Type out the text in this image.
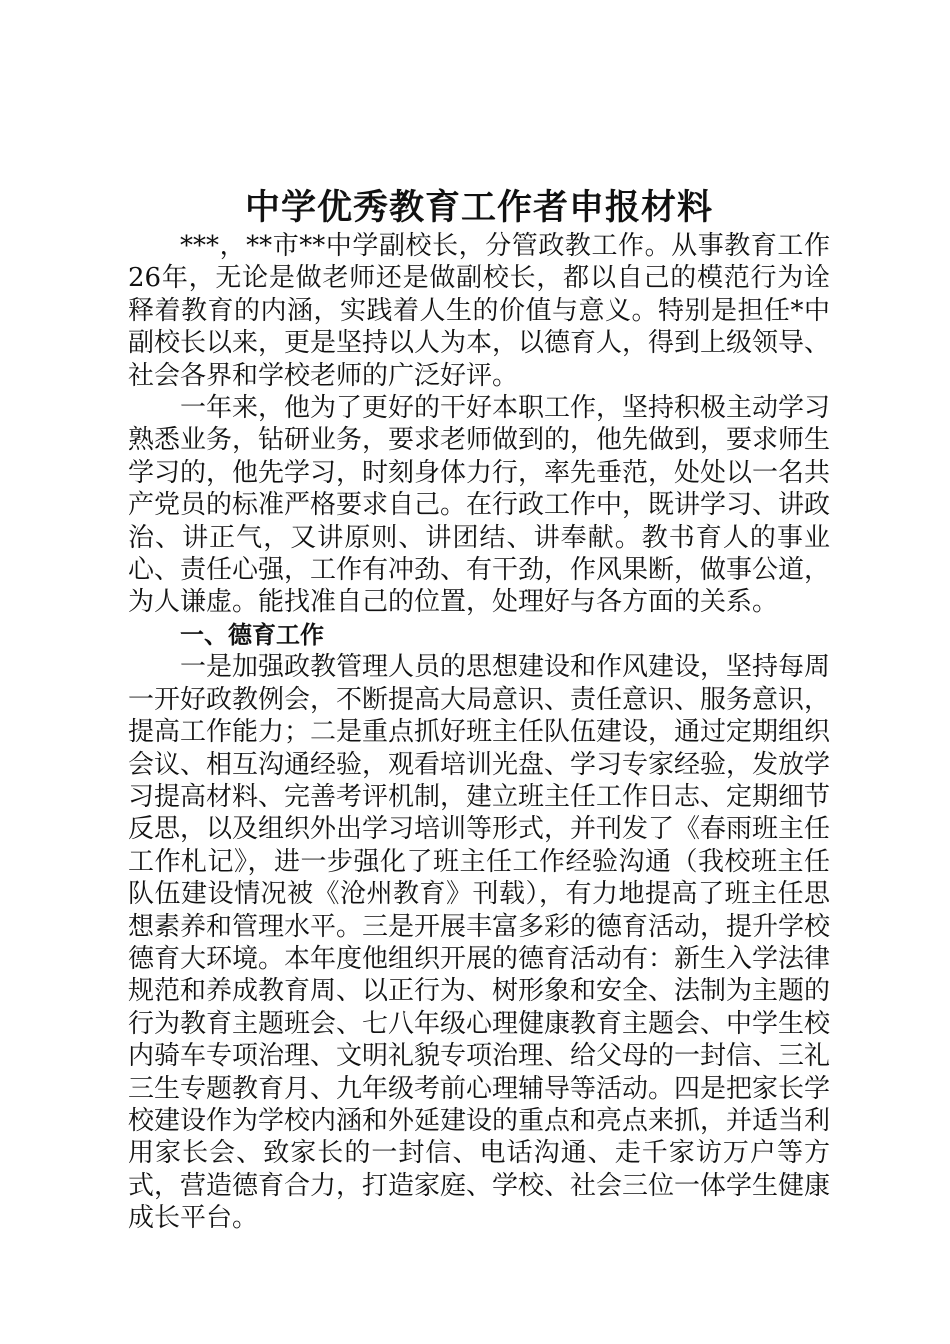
中学优秀教育工作者申报材料

***，**市**中学副校长，分管政教工作。从事教育工作26年，无论是做老师还是做副校长，都以自己的模范行为诠释着教育的内涵，实践着人生的价值与意义。特别是担任*中副校长以来，更是坚持以人为本，以德育人，得到上级领导、社会各界和学校老师的广泛好评。

一年来，他为了更好的干好本职工作，坚持积极主动学习熟悉业务，钻研业务，要求老师做到的，他先做到，要求师生学习的，他先学习，时刻身体力行，率先垂范，处处以一名共产党员的标准严格要求自己。在行政工作中，既讲学习、讲政治、讲正气，又讲原则、讲团结、讲奉献。教书育人的事业心、责任心强，工作有冲劲、有干劲，作风果断，做事公道，为人谦虚。能找准自己的位置，处理好与各方面的关系。

一、德育工作

一是加强政教管理人员的思想建设和作风建设，坚持每周一开好政教例会，不断提高大局意识、责任意识、服务意识，提高工作能力；二是重点抓好班主任队伍建设，通过定期组织会议、相互沟通经验，观看培训光盘、学习专家经验，发放学习提高材料、完善考评机制，建立班主任工作日志、定期细节反思，以及组织外出学习培训等形式，并刊发了《春雨班主任工作札记》，进一步强化了班主任工作经验沟通（我校班主任队伍建设情况被《沧州教育》刊载），有力地提高了班主任思想素养和管理水平。三是开展丰富多彩的德育活动，提升学校德育大环境。本年度他组织开展的德育活动有：新生入学法律规范和养成教育周、以正行为、树形象和安全、法制为主题的行为教育主题班会、七八年级心理健康教育主题会、中学生校内骑车专项治理、文明礼貌专项治理、给父母的一封信、三礼三生专题教育月、九年级考前心理辅导等活动。四是把家长学校建设作为学校内涵和外延建设的重点和亮点来抓，并适当利用家长会、致家长的一封信、电话沟通、走千家访万户等方式，营造德育合力，打造家庭、学校、社会三位一体学生健康成长平台。
